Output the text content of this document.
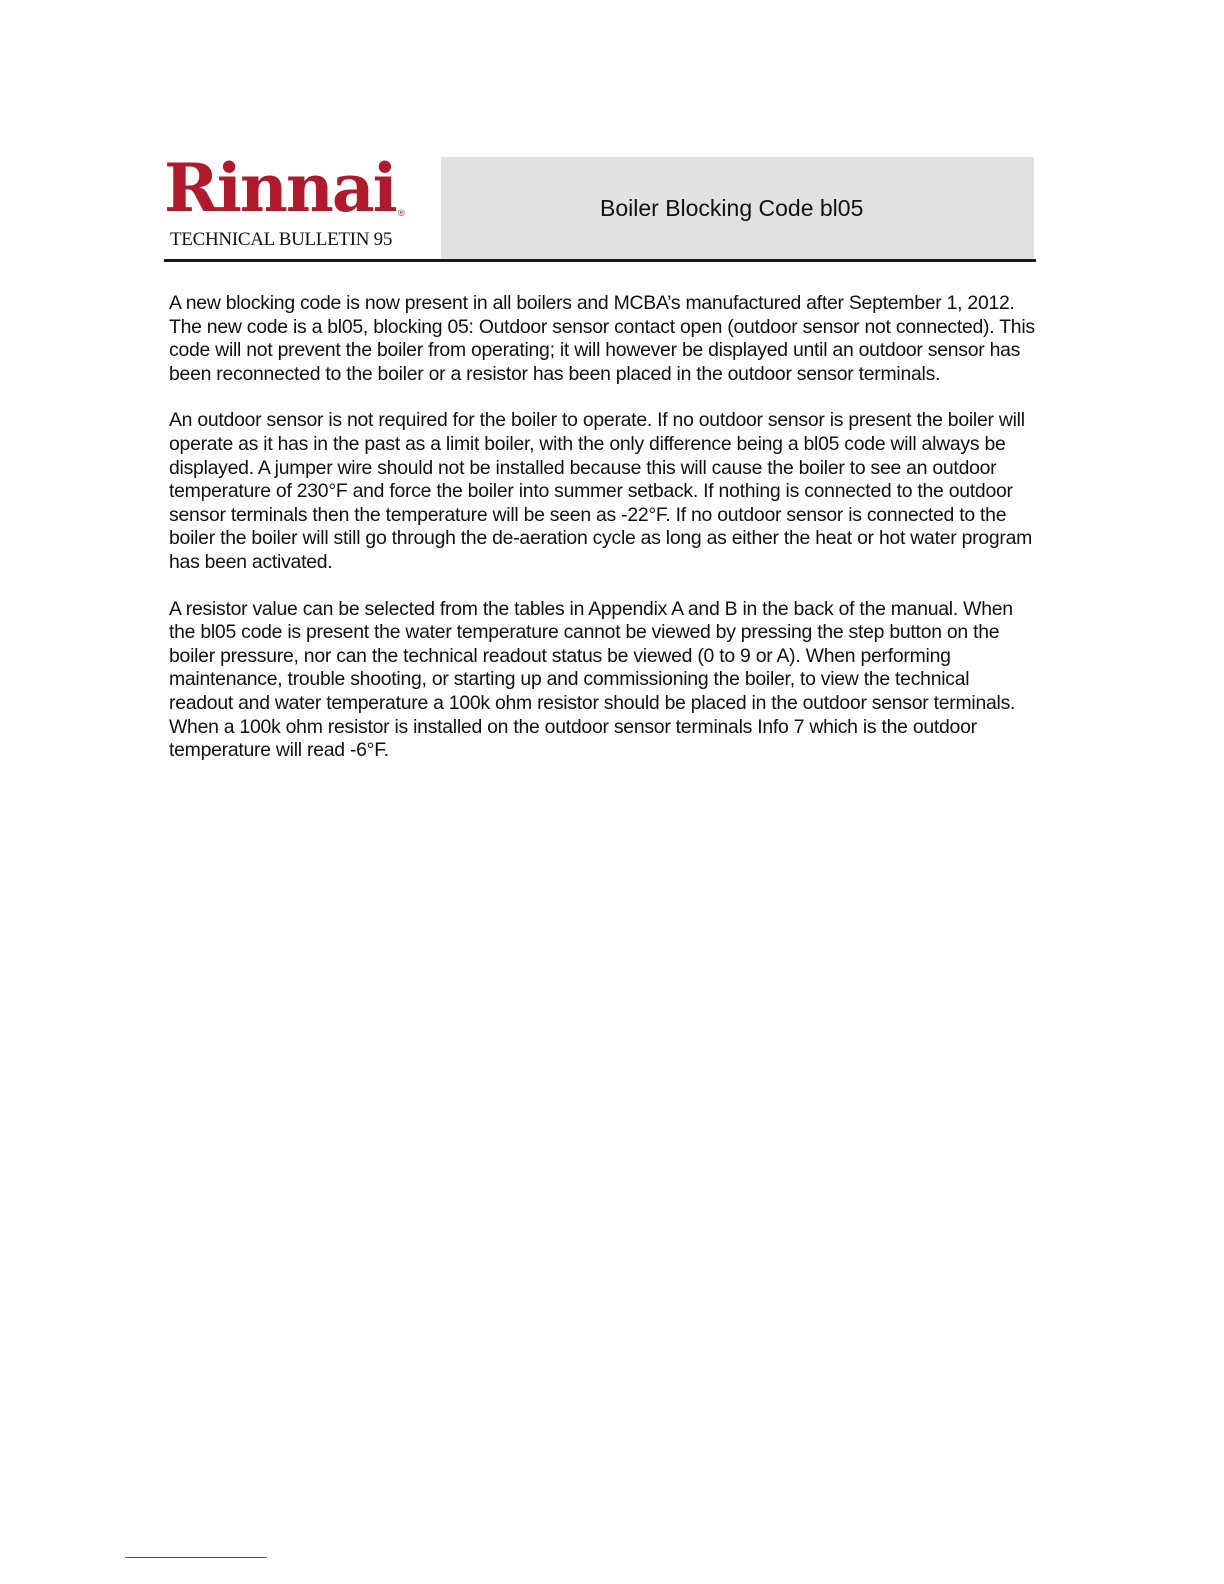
Rinnai ®
TECHNICAL BULLETIN 95
Boiler Blocking Code bl05

A new blocking code is now present in all boilers and MCBA’s manufactured after September 1, 2012. The new code is a bl05, blocking 05: Outdoor sensor contact open (outdoor sensor not connected). This code will not prevent the boiler from operating; it will however be displayed until an outdoor sensor has been reconnected to the boiler or a resistor has been placed in the outdoor sensor terminals.

An outdoor sensor is not required for the boiler to operate. If no outdoor sensor is present the boiler will operate as it has in the past as a limit boiler, with the only difference being a bl05 code will always be displayed. A jumper wire should not be installed because this will cause the boiler to see an outdoor temperature of 230°F and force the boiler into summer setback. If nothing is connected to the outdoor sensor terminals then the temperature will be seen as -22°F. If no outdoor sensor is connected to the boiler the boiler will still go through the de-aeration cycle as long as either the heat or hot water program has been activated.

A resistor value can be selected from the tables in Appendix A and B in the back of the manual. When the bl05 code is present the water temperature cannot be viewed by pressing the step button on the boiler pressure, nor can the technical readout status be viewed (0 to 9 or A). When performing maintenance, trouble shooting, or starting up and commissioning the boiler, to view the technical readout and water temperature a 100k ohm resistor should be placed in the outdoor sensor terminals. When a 100k ohm resistor is installed on the outdoor sensor terminals Info 7 which is the outdoor temperature will read -6°F.
